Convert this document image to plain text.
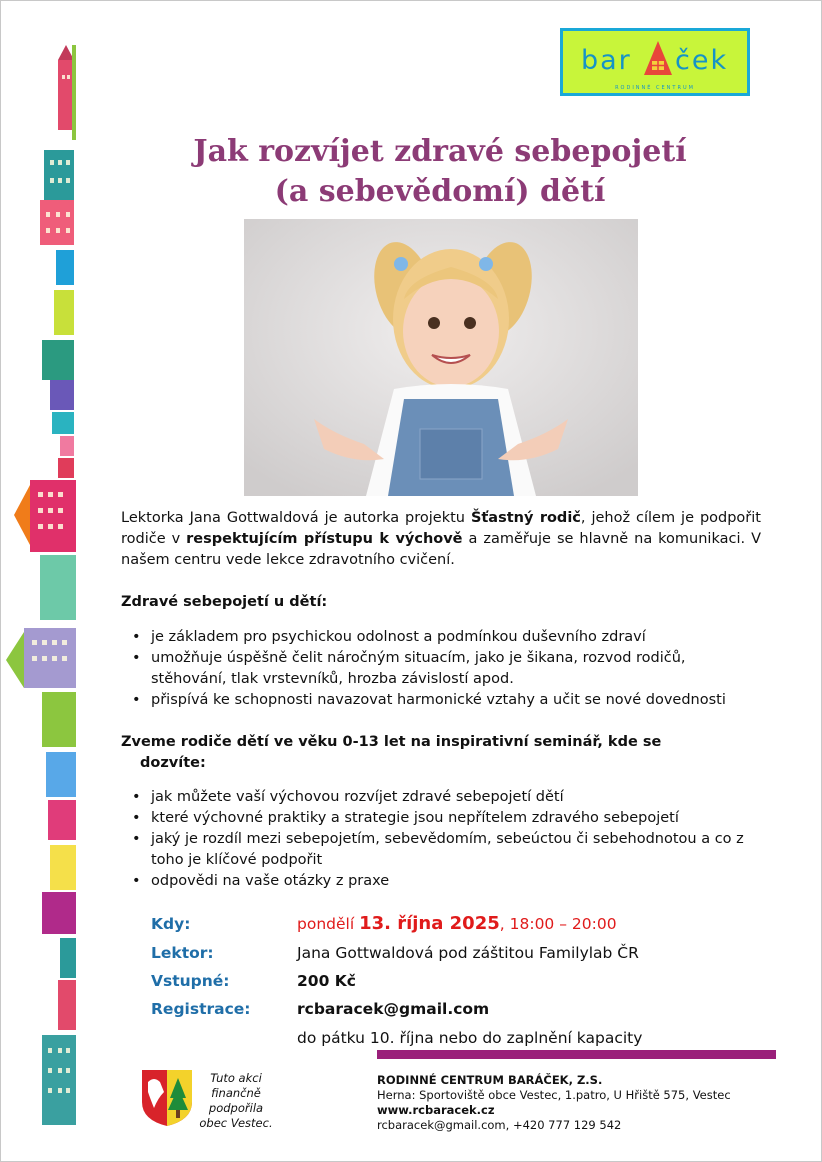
bar ček
RODINNÉ CENTRUM
Jak rozvíjet zdravé sebepojetí
(a sebevědomí) dětí
Lektorka Jana Gottwaldová je autorka projektu Šťastný rodič, jehož cílem je podpořit rodiče v respektujícím přístupu k výchově a zaměřuje se hlavně na komunikaci. V našem centru vede lekce zdravotního cvičení.
Zdravé sebepojetí u dětí:
• je základem pro psychickou odolnost a podmínkou duševního zdraví
• umožňuje úspěšně čelit náročným situacím, jako je šikana, rozvod rodičů, stěhování, tlak vrstevníků, hrozba závislostí apod.
• přispívá ke schopnosti navazovat harmonické vztahy a učit se nové dovednosti
Zveme rodiče dětí ve věku 0-13 let na inspirativní seminář, kde se
dozvíte:
• jak můžete vaší výchovou rozvíjet zdravé sebepojetí dětí
• které výchovné praktiky a strategie jsou nepřítelem zdravého sebepojetí
• jaký je rozdíl mezi sebepojetím, sebevědomím, sebeúctou či sebehodnotou a co z toho je klíčové podpořit
• odpovědi na vaše otázky z praxe
Kdy:	pondělí 13. října 2025, 18:00 – 20:00
Lektor:	Jana Gottwaldová pod záštitou Familylab ČR
Vstupné:	200 Kč
Registrace:	rcbaracek@gmail.com
do pátku 10. října nebo do zaplnění kapacity
Tuto akci
finančně
podpořila
obec Vestec.
RODINNÉ CENTRUM BARÁČEK, Z.S.
Herna: Sportoviště obce Vestec, 1.patro, U Hřiště 575, Vestec
www.rcbaracek.cz
rcbaracek@gmail.com, +420 777 129 542
